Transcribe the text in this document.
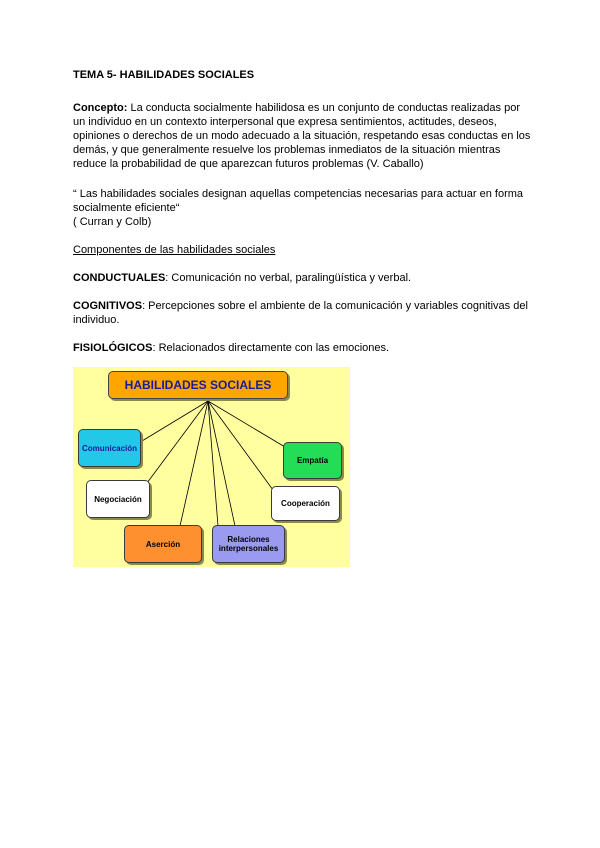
TEMA 5- HABILIDADES SOCIALES

Concepto: La conducta socialmente habilidosa es un conjunto de conductas realizadas por un individuo en un contexto interpersonal que expresa sentimientos, actitudes, deseos, opiniones o derechos de un modo adecuado a la situación, respetando esas conductas en los demás, y que generalmente resuelve los problemas inmediatos de la situación mientras reduce la probabilidad de que aparezcan futuros problemas (V. Caballo)

“ Las habilidades sociales designan aquellas competencias necesarias para actuar en forma socialmente eficiente“

( Curran y Colb)

Componentes de las habilidades sociales

CONDUCTUALES: Comunicación no verbal, paralingüística y verbal.

COGNITIVOS: Percepciones sobre el ambiente de la comunicación y variables cognitivas del individuo.

FISIOLÓGICOS: Relacionados directamente con las emociones.

HABILIDADES SOCIALES
Comunicación
Empatía
Negociación	Cooperación
Aserción	Relaciones interpersonales
